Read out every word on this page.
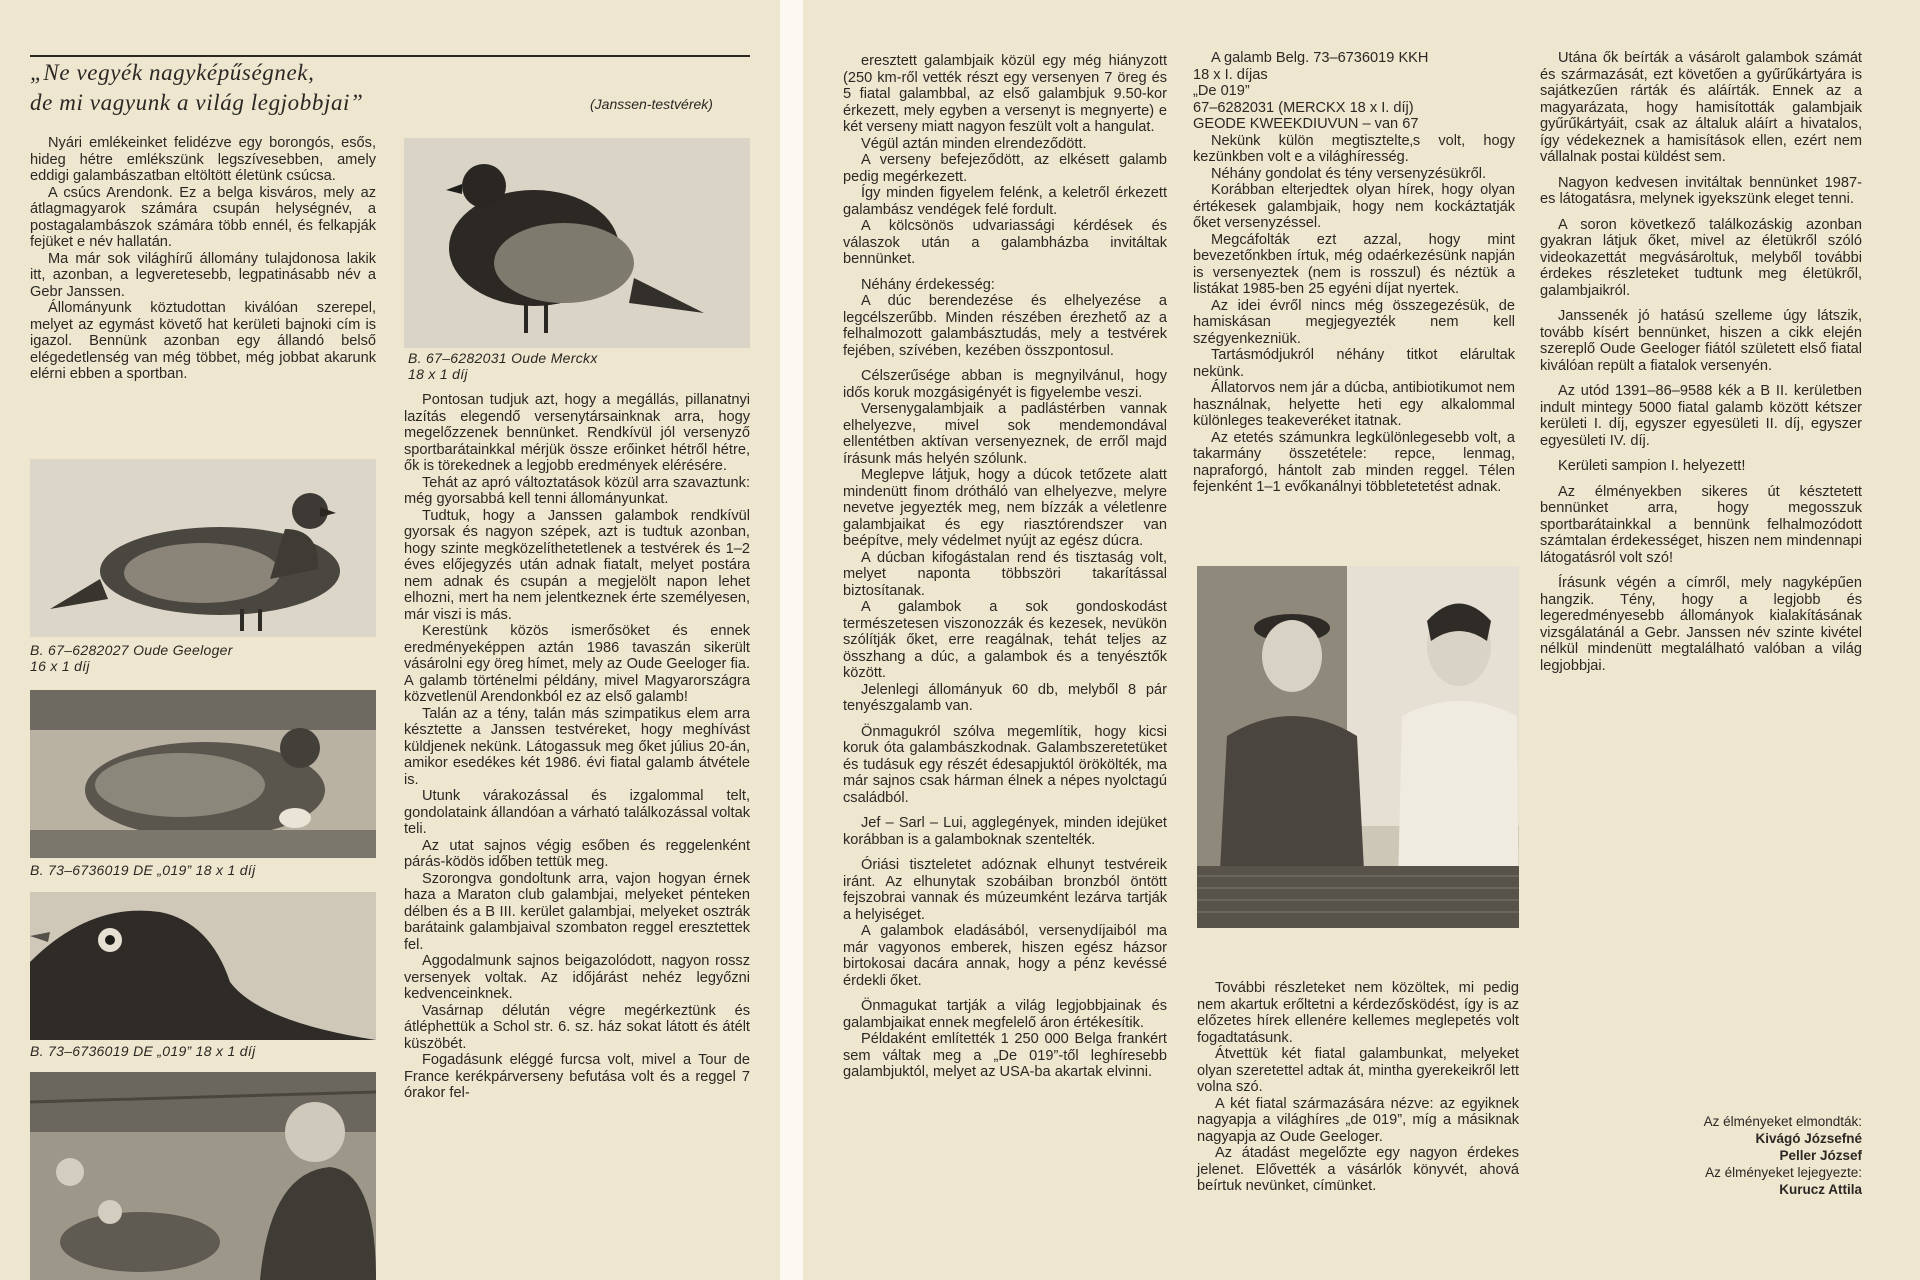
„Ne vegyék nagyképűségnek,
de mi vagyunk a világ legjobbjai”	(Janssen-testvérek)

Nyári emlékeinket felidézve egy borongós, esős, hideg hétre emlékszünk legszívesebben, amely eddigi galambászatban eltöltött életünk csúcsa.

A csúcs Arendonk. Ez a belga kisváros, mely az átlagmagyarok számára csupán helységnév, a postagalambászok számára több ennél, és felkapják fejüket e név hallatán.

Ma már sok világhírű állomány tulajdonosa lakik itt, azonban, a legveretesebb, legpatinásabb név a Gebr Janssen.

Állományunk köztudottan kiválóan szerepel, melyet az egymást követő hat kerületi bajnoki cím is igazol. Bennünk azonban egy állandó belső elégedetlenség van még többet, még jobbat akarunk elérni ebben a sportban.

B. 67–6282027 Oude Geeloger
16 x 1 díj
B. 73–6736019 DE „019” 18 x 1 díj
B. 73–6736019 DE „019” 18 x 1 díj
B. 67–6282031 Oude Merckx
18 x 1 díj

Pontosan tudjuk azt, hogy a megállás, pillanatnyi lazítás elegendő versenytársainknak arra, hogy megelőzzenek bennünket. Rendkívül jól versenyző sportbarátainkkal mérjük össze erőinket hétről hétre, ők is törekednek a legjobb eredmények elérésére.

Tehát az apró változtatások közül arra szavaztunk: még gyorsabbá kell tenni állományunkat.

Tudtuk, hogy a Janssen galambok rendkívül gyorsak és nagyon szépek, azt is tudtuk azonban, hogy szinte megközelíthetetlenek a testvérek és 1–2 éves előjegyzés után adnak fiatalt, melyet postára nem adnak és csupán a megjelölt napon lehet elhozni, mert ha nem jelentkeznek érte személyesen, már viszi is más.

Kerestünk közös ismerősöket és ennek eredményeképpen aztán 1986 tavaszán sikerült vásárolni egy öreg hímet, mely az Oude Geeloger fia. A galamb történelmi példány, mivel Magyarországra közvetlenül Arendonkból ez az első galamb!

Talán az a tény, talán más szimpatikus elem arra késztette a Janssen testvéreket, hogy meghívást küldjenek nekünk. Látogassuk meg őket július 20-án, amikor esedékes két 1986. évi fiatal galamb átvétele is.

Utunk várakozással és izgalommal telt, gondolataink állandóan a várható találkozással voltak teli.

Az utat sajnos végig esőben és reggelenként párás-ködös időben tettük meg.

Szorongva gondoltunk arra, vajon hogyan érnek haza a Maraton club galambjai, melyeket pénteken délben és a B III. kerület galambjai, melyeket osztrák barátaink galambjaival szombaton reggel eresztettek fel.

Aggodalmunk sajnos beigazolódott, nagyon rossz versenyek voltak. Az időjárást nehéz legyőzni kedvenceinknek.

Vasárnap délután végre megérkeztünk és átléphettük a Schol str. 6. sz. ház sokat látott és átélt küszöbét.

Fogadásunk eléggé furcsa volt, mivel a Tour de France kerékpárverseny befutása volt és a reggel 7 órakor fel-

eresztett galambjaik közül egy még hiányzott (250 km-ről vették részt egy versenyen 7 öreg és 5 fiatal galambbal, az első galambjuk 9.50-kor érkezett, mely egyben a versenyt is megnyerte) e két verseny miatt nagyon feszült volt a hangulat.

Végül aztán minden elrendeződött.

A verseny befejeződött, az elkésett galamb pedig megérkezett.

Így minden figyelem felénk, a keletről érkezett galambász vendégek felé fordult.

A kölcsönös udvariassági kérdések és válaszok után a galambházba invitáltak bennünket.

Néhány érdekesség:

A dúc berendezése és elhelyezése a legcélszerűbb. Minden részében érezhető az a felhalmozott galambásztudás, mely a testvérek fejében, szívében, kezében összpontosul.

Célszerűsége abban is megnyilvánul, hogy idős koruk mozgásigényét is figyelembe veszi.

Versenygalambjaik a padlástérben vannak elhelyezve, mivel sok mendemondával ellentétben aktívan versenyeznek, de erről majd írásunk más helyén szólunk.

Meglepve látjuk, hogy a dúcok tetőzete alatt mindenütt finom dróthálό van elhelyezve, melyre nevetve jegyezték meg, nem bízzák a véletlenre galambjaikat és egy riasztórendszer van beépítve, mely védelmet nyújt az egész dúcra.

A dúcban kifogástalan rend és tisztaság volt, melyet naponta többszöri takarítással biztosítanak.

A galambok a sok gondoskodást természetesen viszonozzák és kezesek, nevükön szólítják őket, erre reagálnak, tehát teljes az összhang a dúc, a galambok és a tenyésztők között.

Jelenlegi állományuk 60 db, melyből 8 pár tenyészgalamb van.

Önmagukról szólva megemlítik, hogy kicsi koruk óta galambászkodnak. Galambszeretetüket és tudásuk egy részét édesapjuktól örökölték, ma már sajnos csak hárman élnek a népes nyolctagú családból.

Jef – Sarl – Lui, agglegények, minden idejüket korábban is a galamboknak szentelték.

Óriási tiszteletet adóznak elhunyt testvéreik iránt. Az elhunytak szobáiban bronzból öntött fejszobrai vannak és múzeumként lezárva tartják a helyiséget.

A galambok eladásából, versenydíjaiból ma már vagyonos emberek, hiszen egész házsor birtokosai dacára annak, hogy a pénz kevéssé érdekli őket.

Önmagukat tartják a világ legjobbjainak és galambjaikat ennek megfelelő áron értékesítik.

Példaként említették 1 250 000 Belga frankért sem váltak meg a „De 019”-től leghíresebb galambjuktól, melyet az USA-ba akartak elvinni.

A galamb Belg. 73–6736019 KKH

18 x I. díjas

„De 019”

67–6282031 (MERCKX 18 x I. díj)

GEODE KWEEKDIUVUN – van 67

Nekünk külön megtisztelte‚s volt, hogy kezünkben volt e a világhíresség.

Néhány gondolat és tény versenyzésükről.

Korábban elterjedtek olyan hírek, hogy olyan értékesek galambjaik, hogy nem kockáztatják őket versenyzéssel.

Megcáfolták ezt azzal, hogy mint bevezetőnkben írtuk, még odaérkezésünk napján is versenyeztek (nem is rosszul) és néztük a listákat 1985-ben 25 egyéni díjat nyertek.

Az idei évről nincs még összegezésük, de hamiskásan megjegyezték nem kell szégyenkezniük.

Tartásmódjukról néhány titkot elárultak nekünk.

Állatorvos nem jár a dúcba, antibiotikumot nem használnak, helyette heti egy alkalommal különleges teakeveréket itatnak.

Az etetés számunkra legkülönlegesebb volt, a takarmány összetétele: repce, lenmag, napraforgó, hántolt zab minden reggel. Télen fejenként 1–1 evőkanálnyi többletetetést adnak.

További részleteket nem közöltek, mi pedig nem akartuk erőltetni a kérdezősködést, így is az előzetes hírek ellenére kellemes meglepetés volt fogadtatásunk.

Átvettük két fiatal galambunkat, melyeket olyan szeretettel adtak át, mintha gyerekeikről lett volna szó.

A két fiatal származására nézve: az egyiknek nagyapja a világhíres „de 019”, míg a másiknak nagyapja az Oude Geeloger.

Az átadást megelőzte egy nagyon érdekes jelenet. Elővették a vásárlók könyvét, ahová beírtuk nevünket, címünket.

Utána ők beírták a vásárolt galambok számát és származását, ezt követően a gyűrűkártyára is sajátkezűen rárták és aláírták. Ennek az a magyarázata, hogy hamisították galambjaik gyűrűkártyáit, csak az általuk aláírt a hivatalos, így védekeznek a hamisítások ellen, ezért nem vállalnak postai küldést sem.

Nagyon kedvesen invitáltak bennünket 1987-es látogatásra, melynek igyekszünk eleget tenni.

A soron következő találkozáskig azonban gyakran látjuk őket, mivel az életükről szóló videokazettát megvásároltuk, melyből további érdekes részleteket tudtunk meg életükről, galambjaikról.

Janssenék jó hatású szelleme úgy látszik, tovább kísért bennünket, hiszen a cikk elején szereplő Oude Geeloger fiától született első fiatal kiválóan repült a fiatalok versenyén.

Az utód 1391–86–9588 kék a B II. kerületben indult mintegy 5000 fiatal galamb között kétszer kerületi I. díj, egyszer egyesületi II. díj, egyszer egyesületi IV. díj.

Kerületi sampion I. helyezett!

Az élményekben sikeres út késztetett bennünket arra, hogy megosszuk sportbarátainkkal a bennünk felhalmozódott számtalan érdekességet, hiszen nem mindennapi látogatásról volt szó!

Írásunk végén a címről, mely nagyképűen hangzik. Tény, hogy a legjobb és legeredményesebb állományok kialakításának vizsgálatánál a Gebr. Janssen név szinte kivétel nélkül mindenütt megtalálható valóban a világ legjobbjai.

Az élményeket elmondták:
Kivágó Józsefné
Peller József
Az élményeket lejegyezte:
Kurucz Attila
